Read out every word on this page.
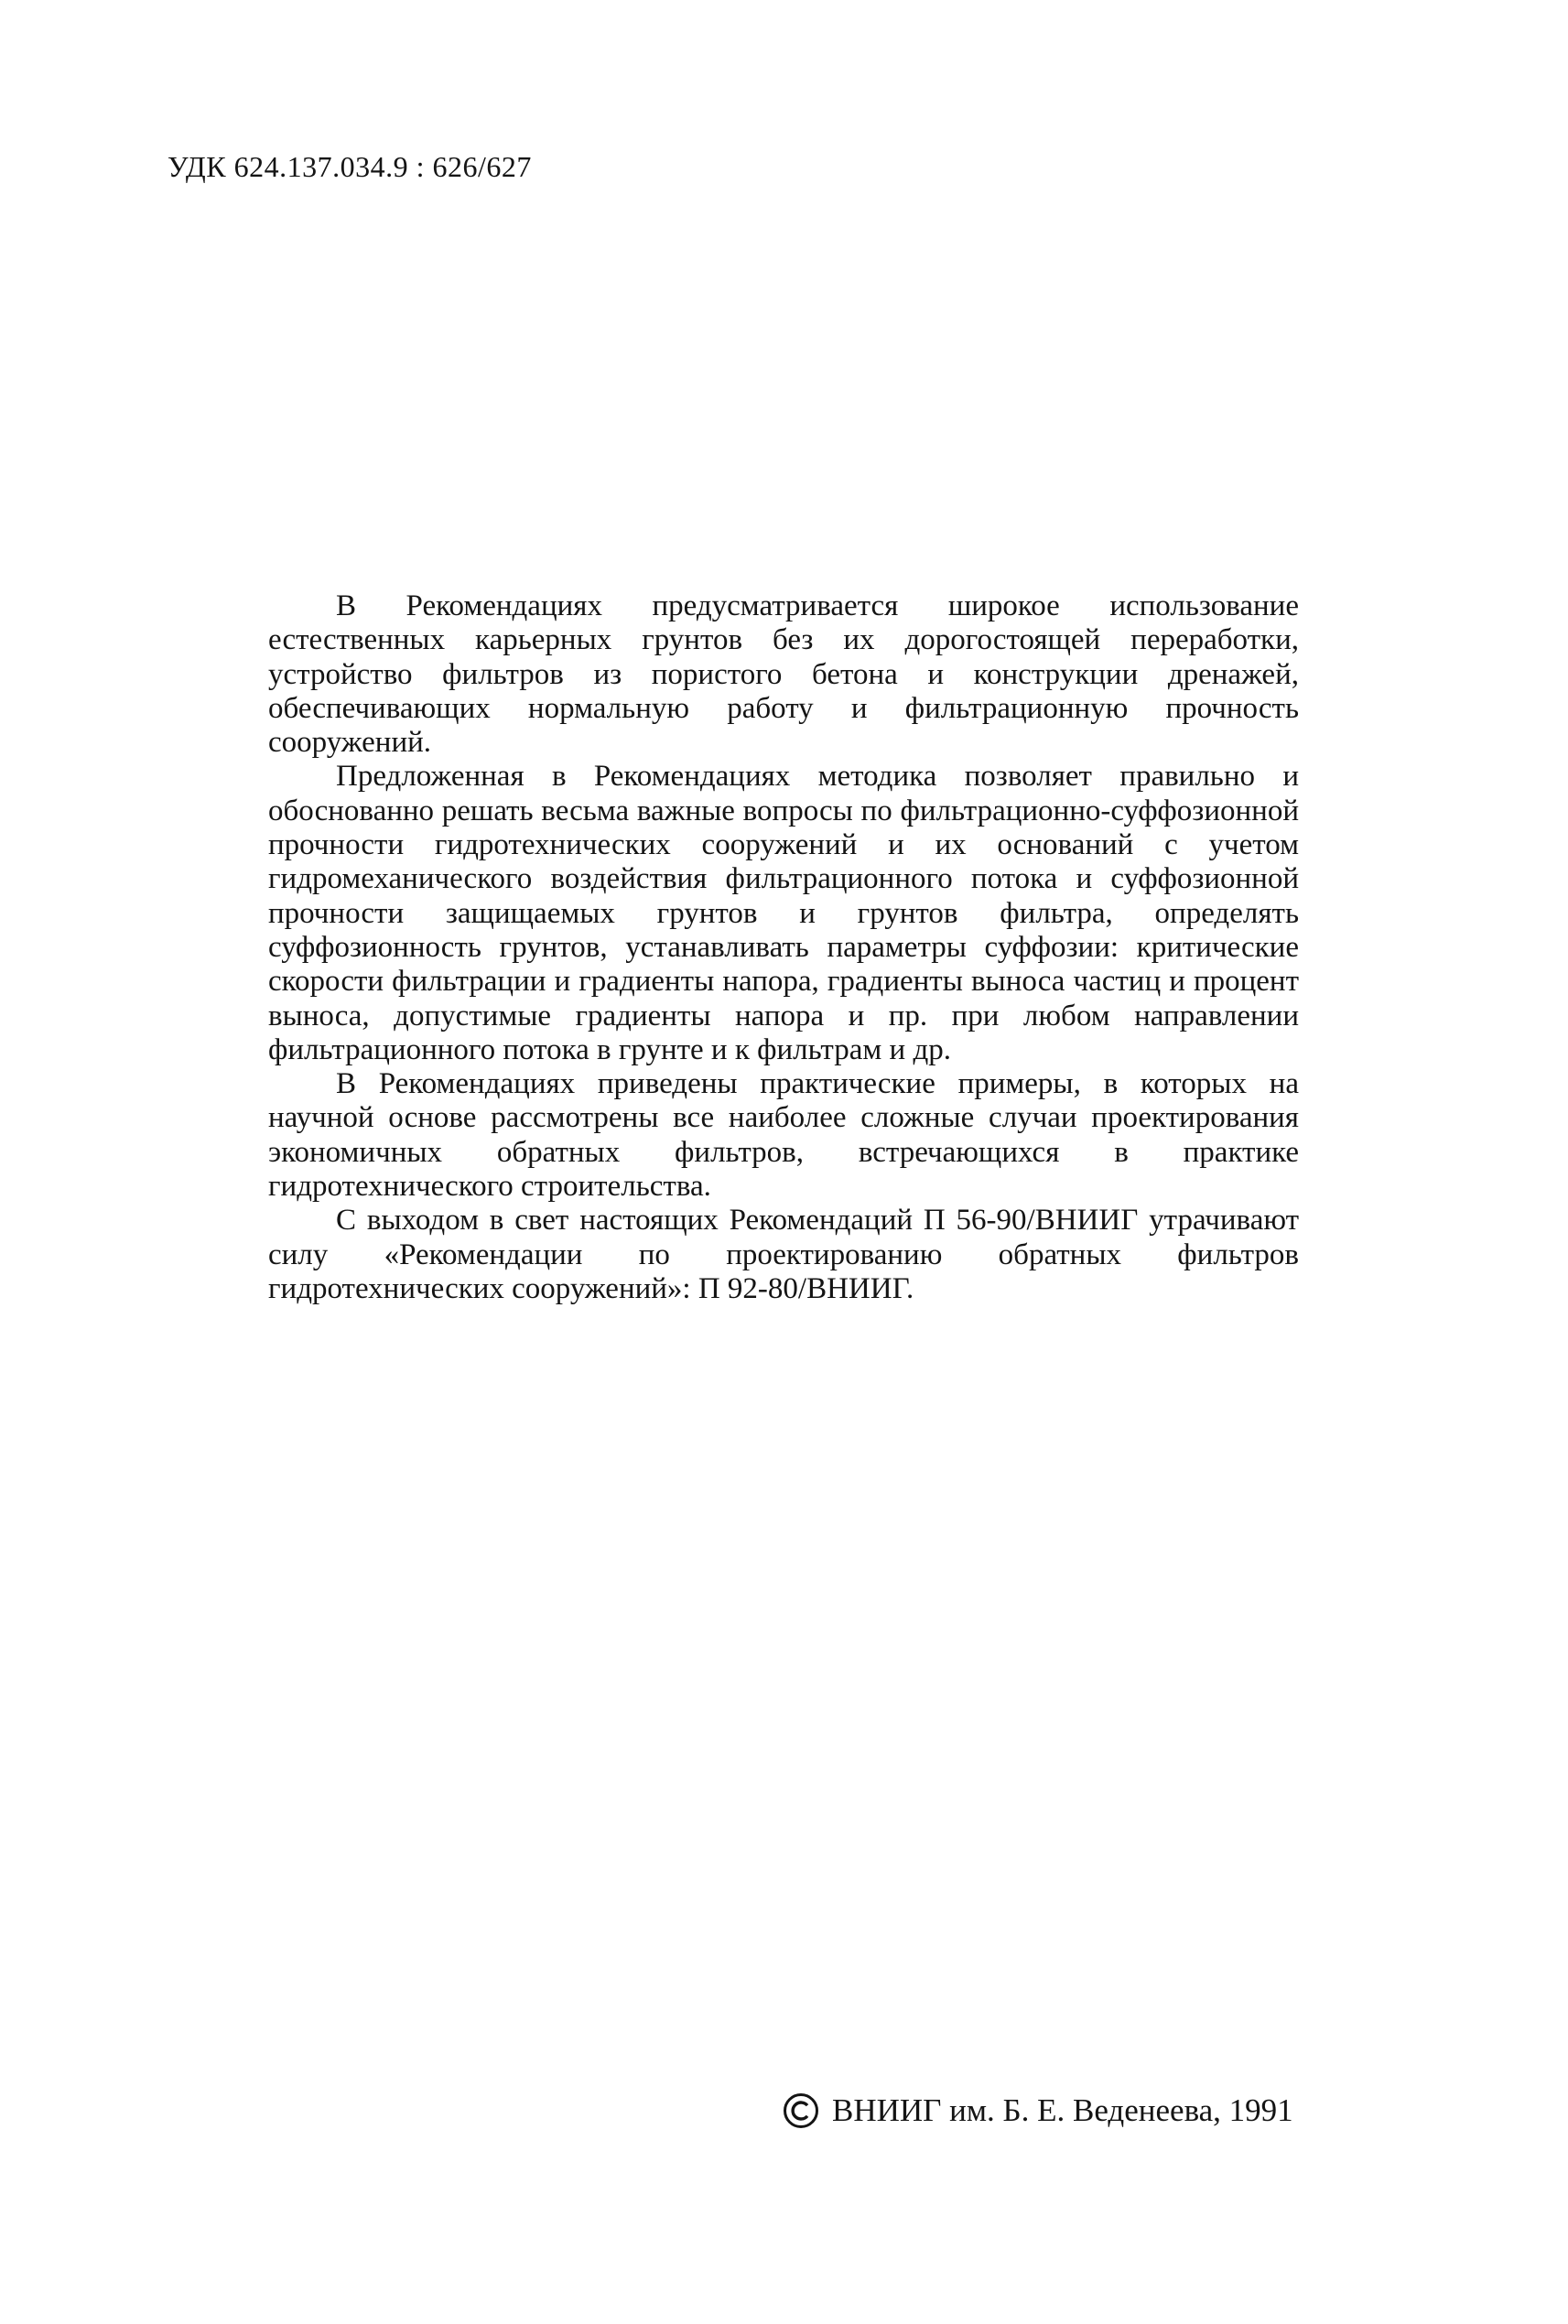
УДК 624.137.034.9 : 626/627

В Рекомендациях предусматривается широкое использование естественных карьерных грунтов без их дорогостоящей переработки, устройство фильтров из пористого бетона и конструкции дренажей, обеспечивающих нормальную работу и фильтрационную прочность сооружений.

Предложенная в Рекомендациях методика позволяет правильно и обоснованно решать весьма важные вопросы по фильтрационно-суффозионной прочности гидротехнических сооружений и их оснований с учетом гидромеханического воздействия фильтрационного потока и суффозионной прочности защищаемых грунтов и грунтов фильтра, определять суффозионность грунтов, устанавливать параметры суффозии: критические скорости фильтрации и градиенты напора, градиенты выноса частиц и процент выноса, допустимые градиенты напора и пр. при любом направлении фильтрационного потока в грунте и к фильтрам и др.

В Рекомендациях приведены практические примеры, в которых на научной основе рассмотрены все наиболее сложные случаи проектирования экономичных обратных фильтров, встречающихся в практике гидротехнического строительства.

С выходом в свет настоящих Рекомендаций П 56-90/ВНИИГ утрачивают силу «Рекомендации по проектированию обратных фильтров гидротехнических сооружений»: П 92-80/ВНИИГ.

ВНИИГ им. Б. Е. Веденеева, 1991
